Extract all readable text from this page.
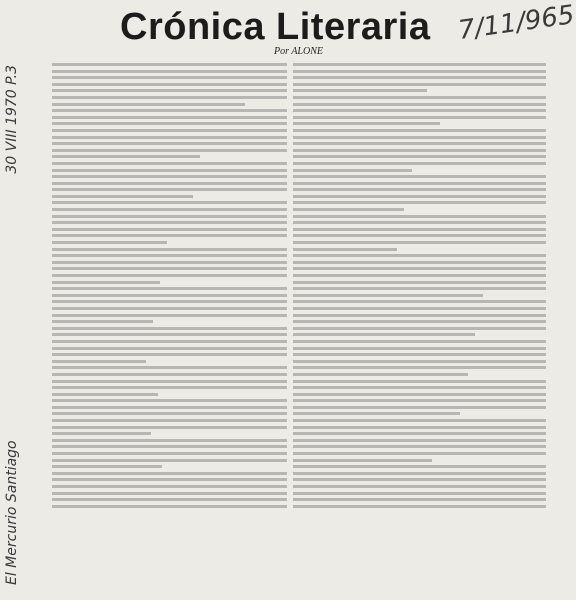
Crónica Literaria 7/11/965
Por ALONE
El Mercurio Santiago
30 VIII 1970 P.3
